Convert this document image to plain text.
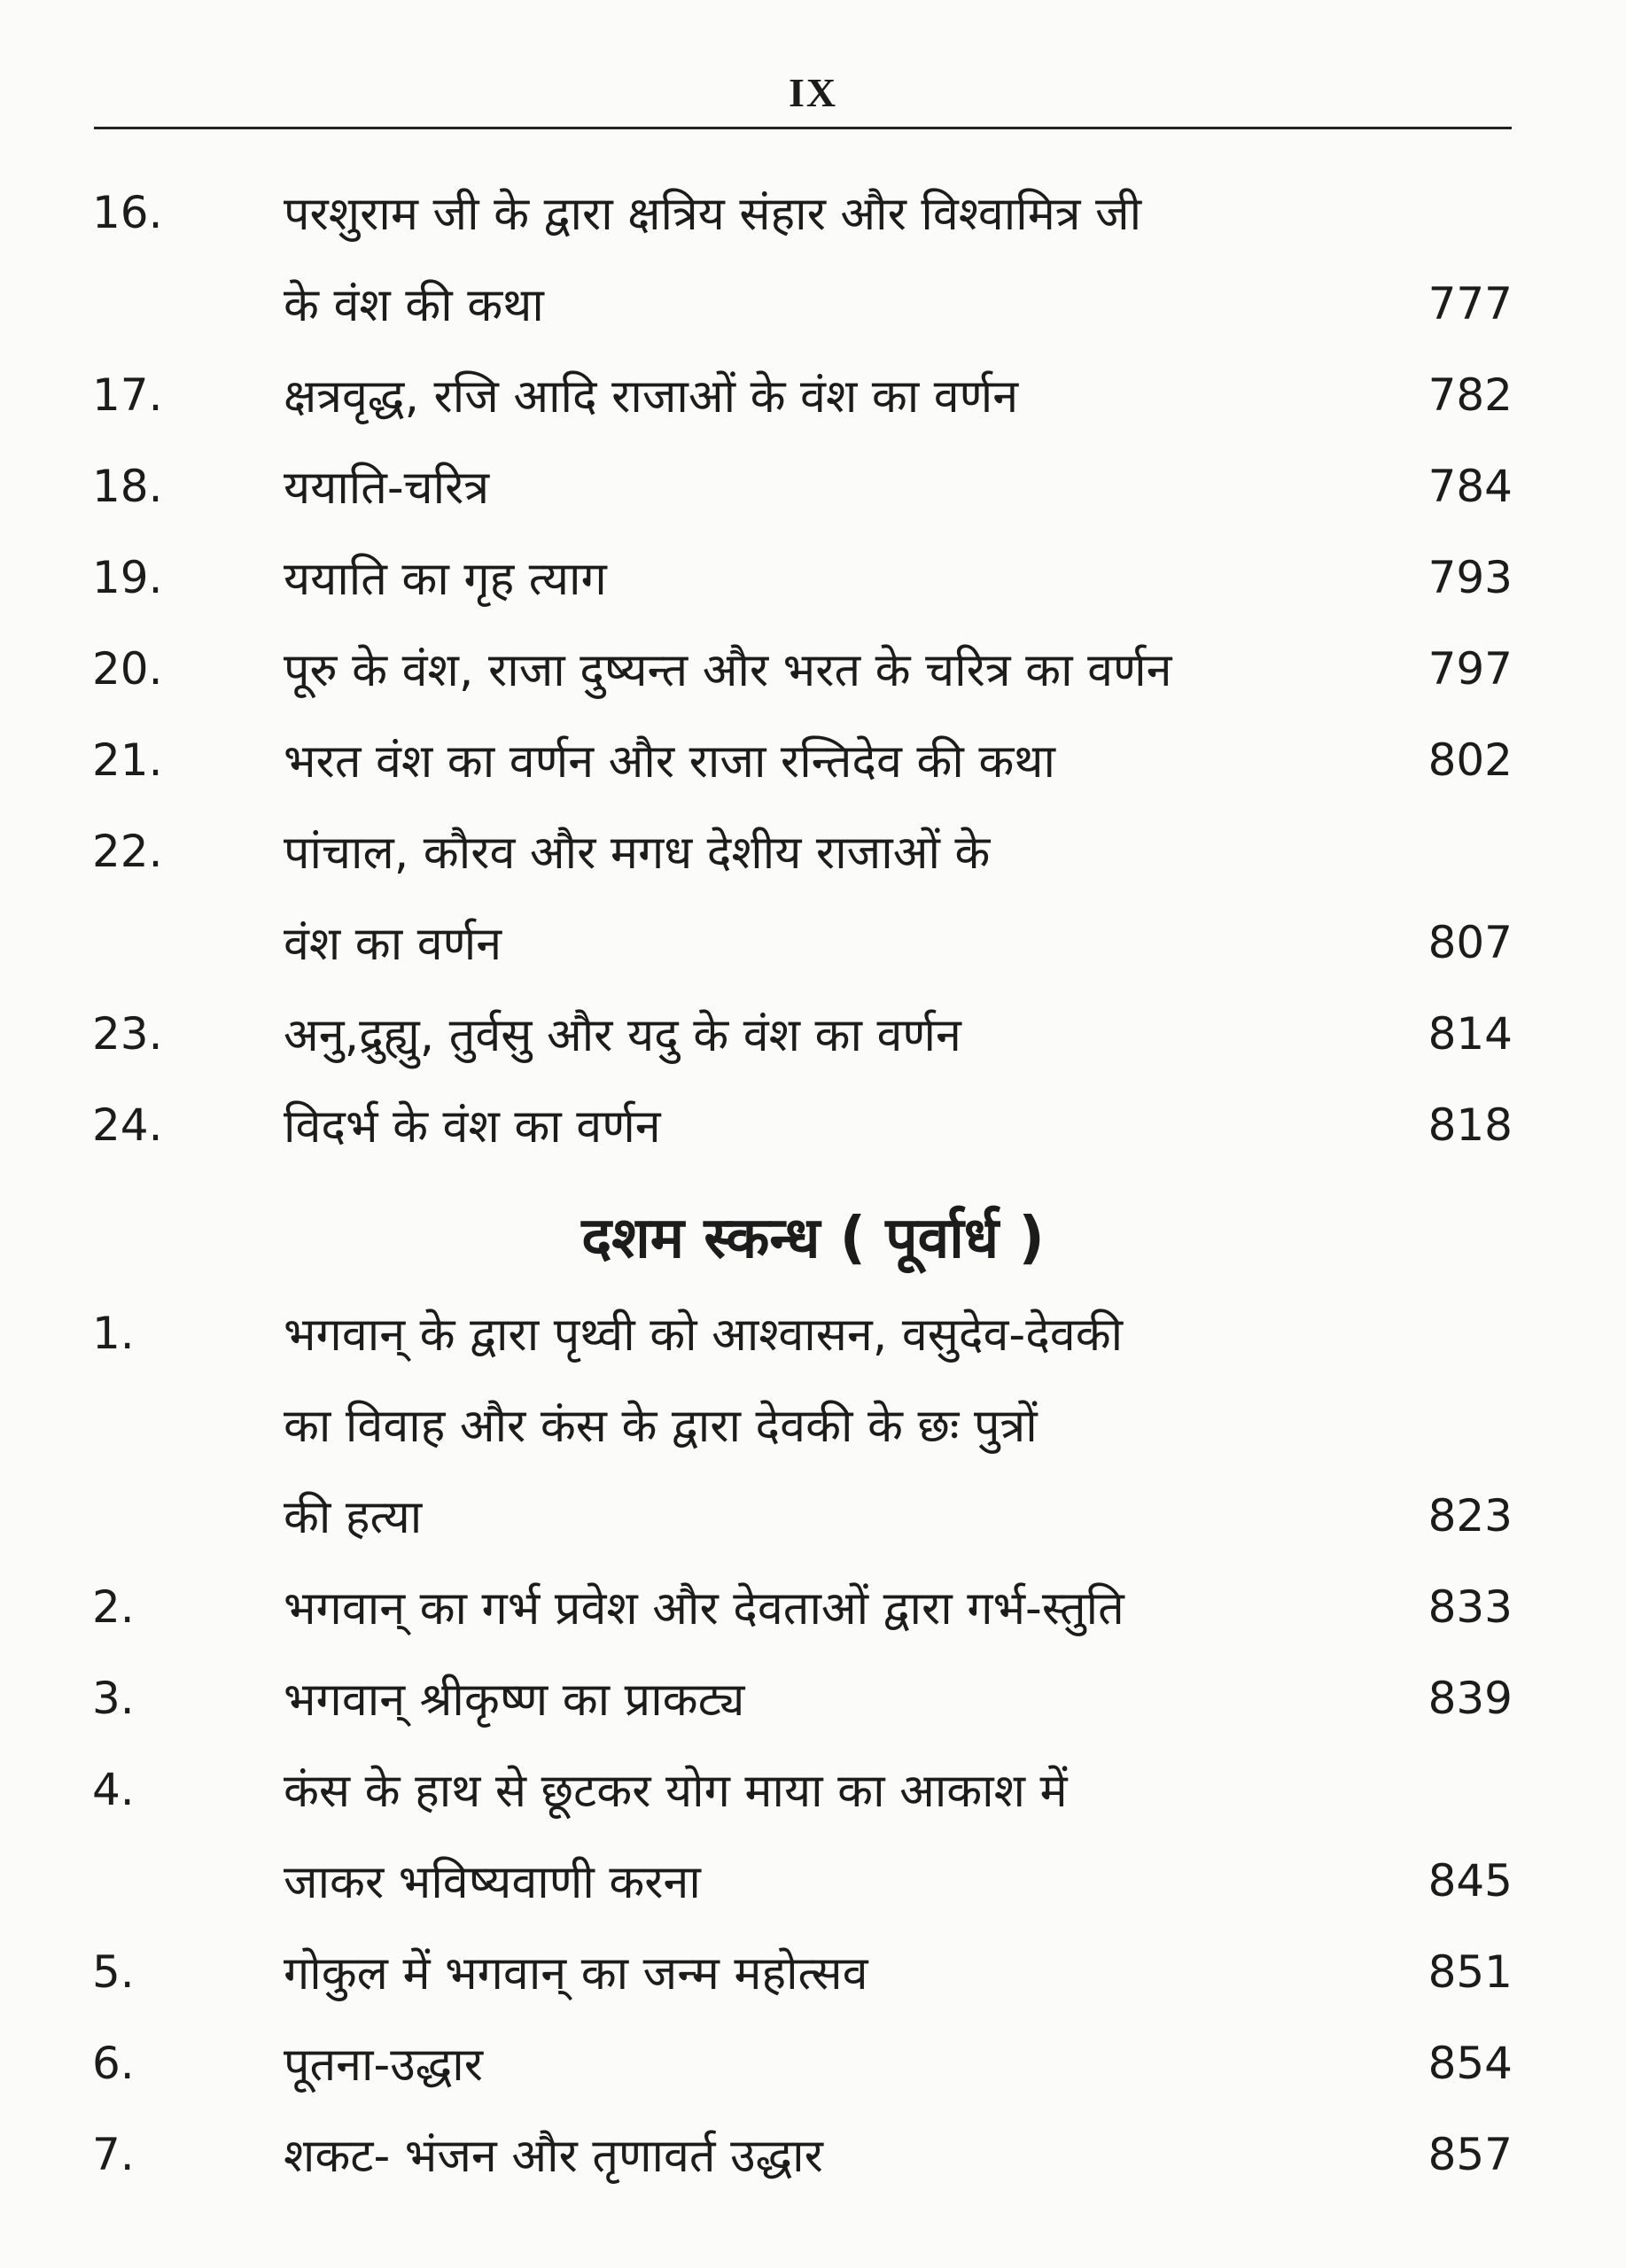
IX
16.	परशुराम जी के द्वारा क्षत्रिय संहार और विश्वामित्र जी
के वंश की कथा	777
17.	क्षत्रवृद्ध, रजि आदि राजाओं के वंश का वर्णन	782
18.	ययाति-चरित्र	784
19.	ययाति का गृह त्याग	793
20.	पूरु के वंश, राजा दुष्यन्त और भरत के चरित्र का वर्णन	797
21.	भरत वंश का वर्णन और राजा रन्तिदेव की कथा	802
22.	पांचाल, कौरव और मगध देशीय राजाओं के
वंश का वर्णन	807
23.	अनु,द्रुह्यु, तुर्वसु और यदु के वंश का वर्णन	814
24.	विदर्भ के वंश का वर्णन	818
दशम स्कन्ध ( पूर्वार्ध )
1.	भगवान् के द्वारा पृथ्वी को आश्वासन, वसुदेव-देवकी
का विवाह और कंस के द्वारा देवकी के छः पुत्रों
की हत्या	823
2.	भगवान् का गर्भ प्रवेश और देवताओं द्वारा गर्भ-स्तुति	833
3.	भगवान् श्रीकृष्ण का प्राकट्य	839
4.	कंस के हाथ से छूटकर योग माया का आकाश में
जाकर भविष्यवाणी करना	845
5.	गोकुल में भगवान् का जन्म महोत्सव	851
6.	पूतना-उद्धार	854
7.	शकट- भंजन और तृणावर्त उद्धार	857
